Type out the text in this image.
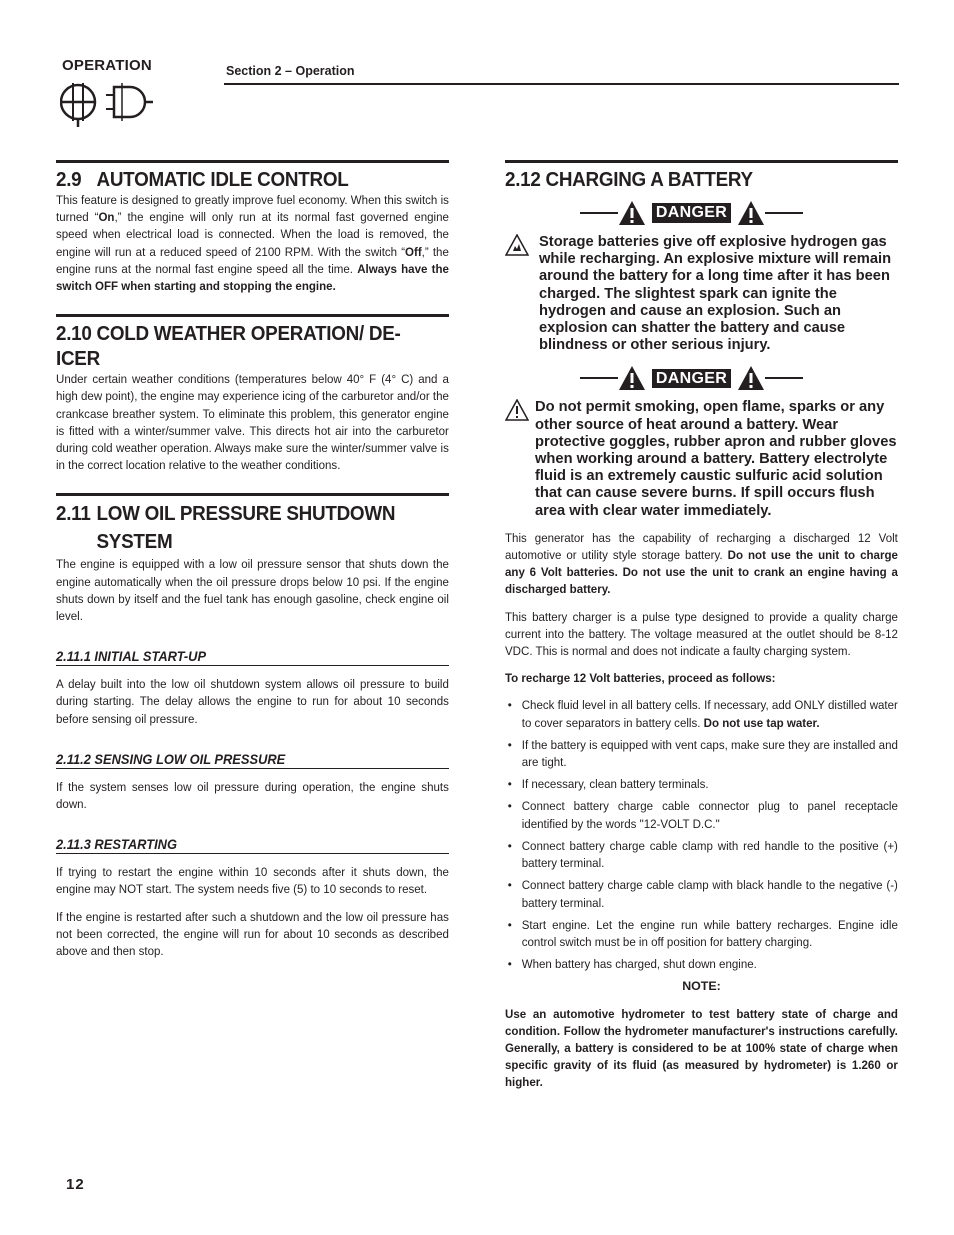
OPERATION	Section 2 – Operation
2.9 AUTOMATIC IDLE CONTROL

This feature is designed to greatly improve fuel economy. When this switch is turned “On,” the engine will only run at its normal fast governed engine speed when electrical load is connected. When the load is removed, the engine will run at a reduced speed of 2100 RPM. With the switch “Off,” the engine runs at the normal fast engine speed all the time. Always have the switch OFF when starting and stopping the engine.

2.10 COLD WEATHER OPERATION/ DE-ICER

Under certain weather conditions (temperatures below 40° F (4° C) and a high dew point), the engine may experience icing of the carburetor and/or the crankcase breather system. To eliminate this problem, this generator engine is fitted with a winter/summer valve. This directs hot air into the carburetor during cold weather operation. Always make sure the winter/summer valve is in the correct location relative to the weather conditions.

2.11 LOW OIL PRESSURE SHUTDOWN
SYSTEM

The engine is equipped with a low oil pressure sensor that shuts down the engine automatically when the oil pressure drops below 10 psi. If the engine shuts down by itself and the fuel tank has enough gasoline, check engine oil level.

2.11.1 INITIAL START-UP

A delay built into the low oil shutdown system allows oil pressure to build during starting. The delay allows the engine to run for about 10 seconds before sensing oil pressure.

2.11.2 SENSING LOW OIL PRESSURE

If the system senses low oil pressure during operation, the engine shuts down.

2.11.3 RESTARTING

If trying to restart the engine within 10 seconds after it shuts down, the engine may NOT start. The system needs five (5) to 10 seconds to reset.

If the engine is restarted after such a shutdown and the low oil pressure has not been corrected, the engine will run for about 10 seconds as described above and then stop.

2.12 CHARGING A BATTERY
DANGER

Storage batteries give off explosive hydrogen gas while recharging. An explosive mixture will remain around the battery for a long time after it has been charged. The slightest spark can ignite the hydrogen and cause an explosion. Such an explosion can shatter the battery and cause blindness or other serious injury.

DANGER

Do not permit smoking, open flame, sparks or any other source of heat around a battery. Wear protective goggles, rubber apron and rubber gloves when working around a battery. Battery electrolyte fluid is an extremely caustic sulfuric acid solution that can cause severe burns. If spill occurs flush area with clear water immediately.

This generator has the capability of recharging a discharged 12 Volt automotive or utility style storage battery. Do not use the unit to charge any 6 Volt batteries. Do not use the unit to crank an engine having a discharged battery.

This battery charger is a pulse type designed to provide a quality charge current into the battery. The voltage measured at the outlet should be 8-12 VDC. This is normal and does not indicate a faulty charging system.

To recharge 12 Volt batteries, proceed as follows:

• Check fluid level in all battery cells. If necessary, add ONLY distilled water to cover separators in battery cells. Do not use tap water.
• If the battery is equipped with vent caps, make sure they are installed and are tight.
• If necessary, clean battery terminals.
• Connect battery charge cable connector plug to panel receptacle identified by the words "12-VOLT D.C."
• Connect battery charge cable clamp with red handle to the positive (+) battery terminal.
• Connect battery charge cable clamp with black handle to the negative (-) battery terminal.
• Start engine. Let the engine run while battery recharges. Engine idle control switch must be in off position for battery charging.
• When battery has charged, shut down engine.

NOTE:

Use an automotive hydrometer to test battery state of charge and condition. Follow the hydrometer manufacturer's instructions carefully. Generally, a battery is considered to be at 100% state of charge when specific gravity of its fluid (as measured by hydrometer) is 1.260 or higher.

12
